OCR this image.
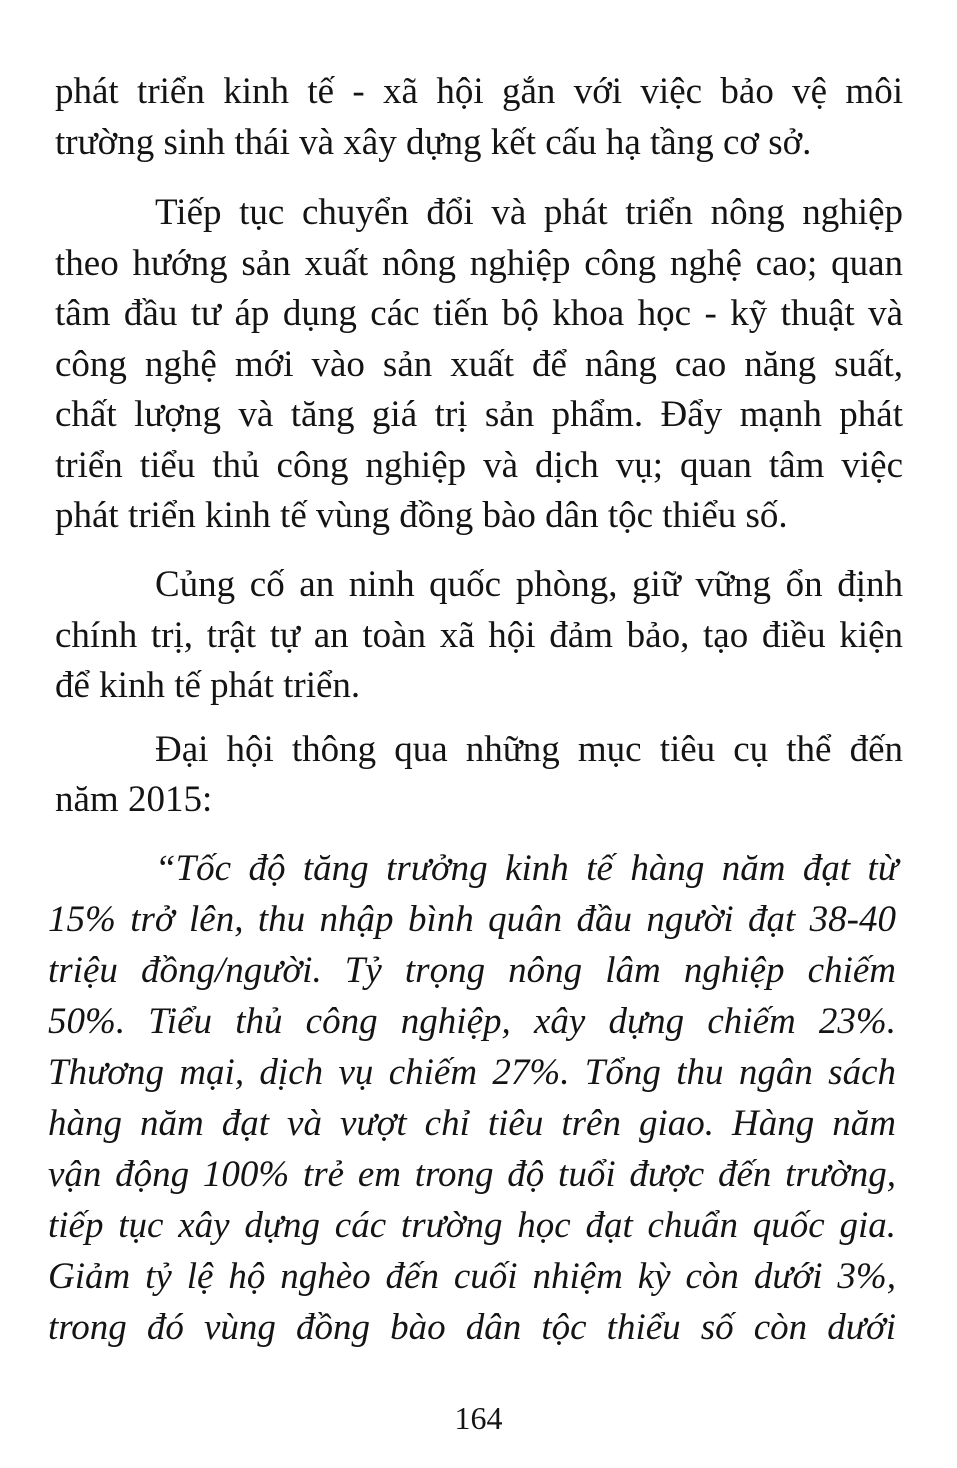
phát triển kinh tế - xã hội gắn với việc bảo vệ môi
trường sinh thái và xây dựng kết cấu hạ tầng cơ sở.
Tiếp tục chuyển đổi và phát triển nông nghiệp
theo hướng sản xuất nông nghiệp công nghệ cao; quan
tâm đầu tư áp dụng các tiến bộ khoa học - kỹ thuật và
công nghệ mới vào sản xuất để nâng cao năng suất,
chất lượng và tăng giá trị sản phẩm. Đẩy mạnh phát
triển tiểu thủ công nghiệp và dịch vụ; quan tâm việc
phát triển kinh tế vùng đồng bào dân tộc thiểu số.
Củng cố an ninh quốc phòng, giữ vững ổn định
chính trị, trật tự an toàn xã hội đảm bảo, tạo điều kiện
để kinh tế phát triển.
Đại hội thông qua những mục tiêu cụ thể đến
năm 2015:
“Tốc độ tăng trưởng kinh tế hàng năm đạt từ
15% trở lên, thu nhập bình quân đầu người đạt 38-40
triệu đồng/người. Tỷ trọng nông lâm nghiệp chiếm
50%. Tiểu thủ công nghiệp, xây dựng chiếm 23%.
Thương mại, dịch vụ chiếm 27%. Tổng thu ngân sách
hàng năm đạt và vượt chỉ tiêu trên giao. Hàng năm
vận động 100% trẻ em trong độ tuổi được đến trường,
tiếp tục xây dựng các trường học đạt chuẩn quốc gia.
Giảm tỷ lệ hộ nghèo đến cuối nhiệm kỳ còn dưới 3%,
trong đó vùng đồng bào dân tộc thiểu số còn dưới
164
